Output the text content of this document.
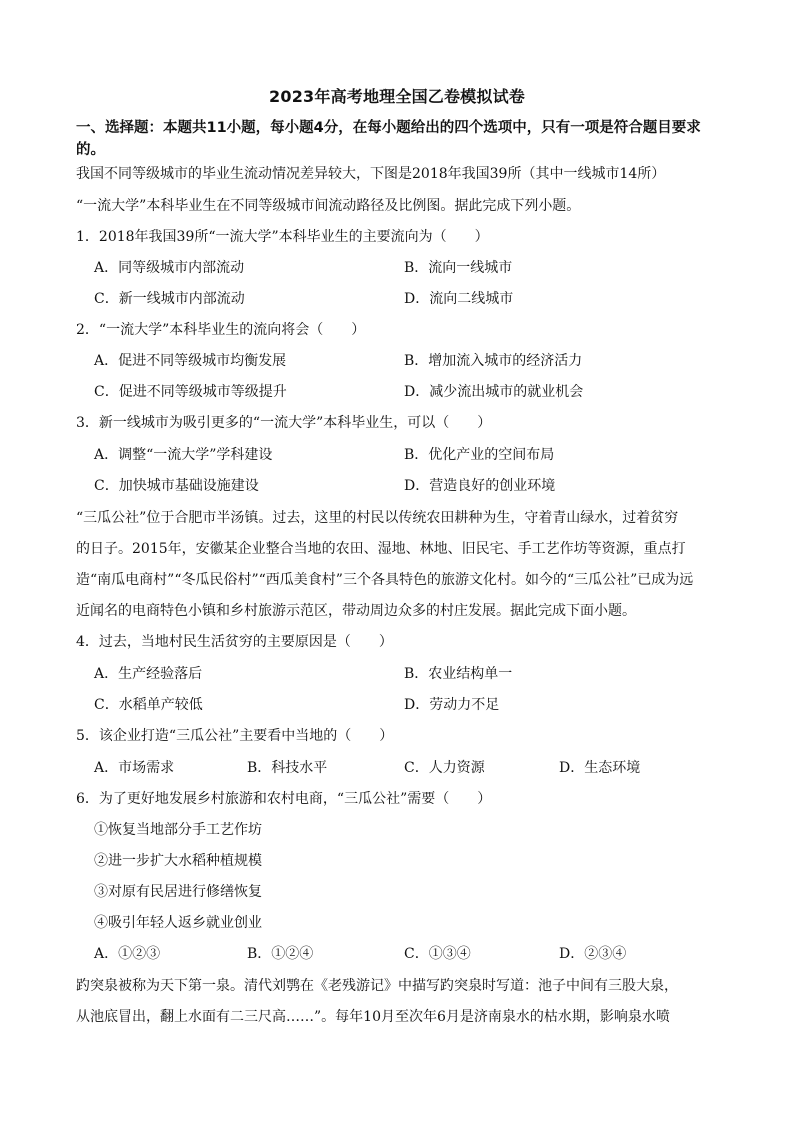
2023年高考地理全国乙卷模拟试卷
一、选择题：本题共11小题，每小题4分，在每小题给出的四个选项中，只有一项是符合题目要求的。
我国不同等级城市的毕业生流动情况差异较大，下图是2018年我国39所（其中一线城市14所）
“一流大学”本科毕业生在不同等级城市间流动路径及比例图。据此完成下列小题。
1．2018年我国39所“一流大学”本科毕业生的主要流向为（　　）
A．同等级城市内部流动	B．流向一线城市
C．新一线城市内部流动	D．流向二线城市
2．“一流大学”本科毕业生的流向将会（　　）
A．促进不同等级城市均衡发展	B．增加流入城市的经济活力
C．促进不同等级城市等级提升	D．减少流出城市的就业机会
3．新一线城市为吸引更多的“一流大学”本科毕业生，可以（　　）
A．调整“一流大学”学科建设	B．优化产业的空间布局
C．加快城市基础设施建设	D．营造良好的创业环境
“三瓜公社”位于合肥市半汤镇。过去，这里的村民以传统农田耕种为生，守着青山绿水，过着贫穷
的日子。2015年，安徽某企业整合当地的农田、湿地、林地、旧民宅、手工艺作坊等资源，重点打
造“南瓜电商村”“冬瓜民俗村”“西瓜美食村”三个各具特色的旅游文化村。如今的“三瓜公社”已成为远
近闻名的电商特色小镇和乡村旅游示范区，带动周边众多的村庄发展。据此完成下面小题。
4．过去，当地村民生活贫穷的主要原因是（　　）
A．生产经验落后	B．农业结构单一
C．水稻单产较低	D．劳动力不足
5．该企业打造“三瓜公社”主要看中当地的（　　）
A．市场需求	B．科技水平	C．人力资源	D．生态环境
6．为了更好地发展乡村旅游和农村电商，“三瓜公社”需要（　　）
①恢复当地部分手工艺作坊
②进一步扩大水稻种植规模
③对原有民居进行修缮恢复
④吸引年轻人返乡就业创业
A．①②③	B．①②④	C．①③④	D．②③④
趵突泉被称为天下第一泉。清代刘鹗在《老残游记》中描写趵突泉时写道：池子中间有三股大泉，
从池底冒出，翻上水面有二三尺高……”。每年10月至次年6月是济南泉水的枯水期，影响泉水喷
